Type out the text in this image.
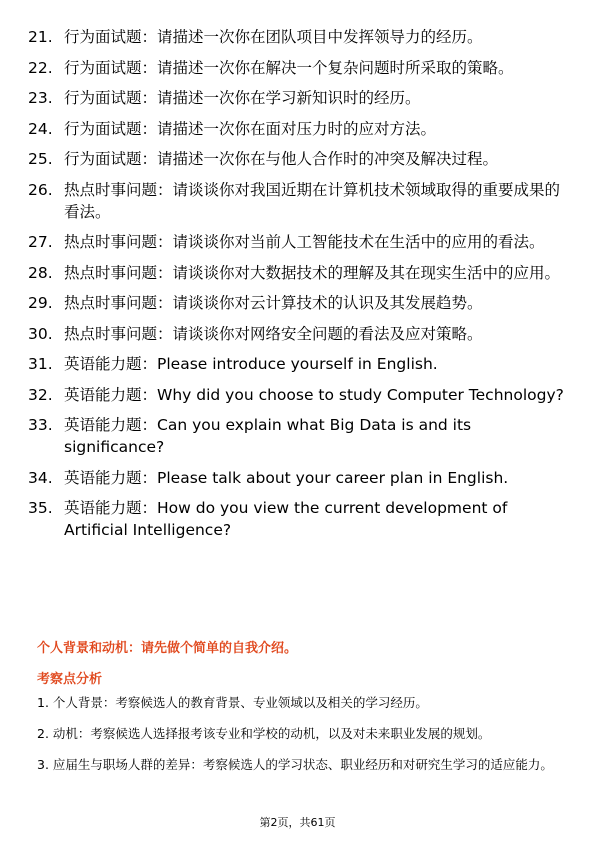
21. 行为面试题：请描述一次你在团队项目中发挥领导力的经历。
22. 行为面试题：请描述一次你在解决一个复杂问题时所采取的策略。
23. 行为面试题：请描述一次你在学习新知识时的经历。
24. 行为面试题：请描述一次你在面对压力时的应对方法。
25. 行为面试题：请描述一次你在与他人合作时的冲突及解决过程。
26. 热点时事问题：请谈谈你对我国近期在计算机技术领域取得的重要成果的看法。
27. 热点时事问题：请谈谈你对当前人工智能技术在生活中的应用的看法。
28. 热点时事问题：请谈谈你对大数据技术的理解及其在现实生活中的应用。
29. 热点时事问题：请谈谈你对云计算技术的认识及其发展趋势。
30. 热点时事问题：请谈谈你对网络安全问题的看法及应对策略。
31. 英语能力题：Please introduce yourself in English.
32. 英语能力题：Why did you choose to study Computer Technology?
33. 英语能力题：Can you explain what Big Data is and its significance?
34. 英语能力题：Please talk about your career plan in English.
35. 英语能力题：How do you view the current development of Artificial Intelligence?
个人背景和动机：请先做个简单的自我介绍。
考察点分析
1. 个人背景：考察候选人的教育背景、专业领域以及相关的学习经历。
2. 动机：考察候选人选择报考该专业和学校的动机，以及对未来职业发展的规划。
3. 应届生与职场人群的差异：考察候选人的学习状态、职业经历和对研究生学习的适应能力。
第2页，共61页
